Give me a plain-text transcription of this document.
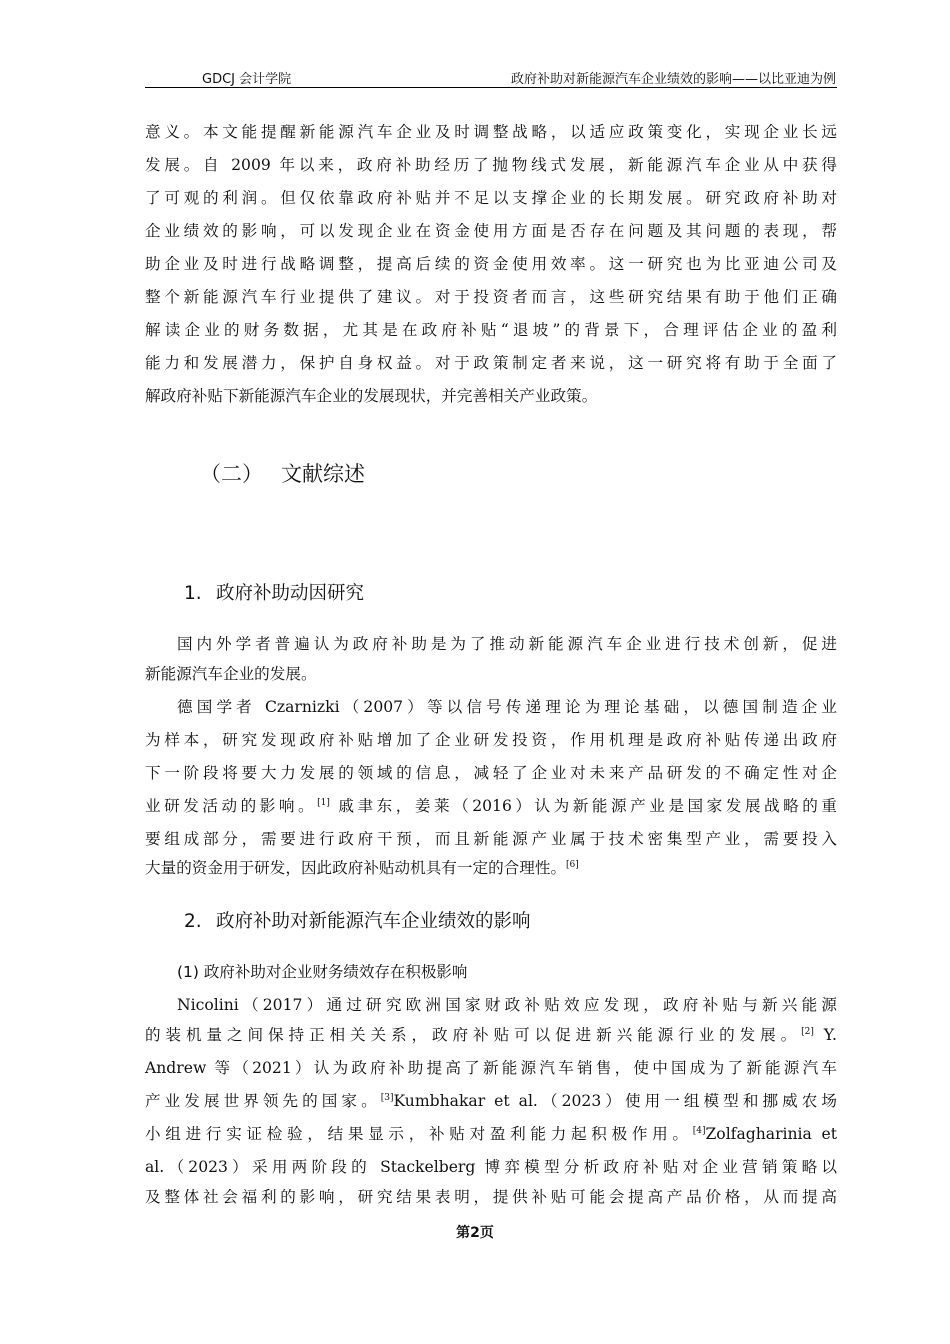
GDCJ 会计学院	政府补助对新能源汽车企业绩效的影响——以比亚迪为例
意义。本文能提醒新能源汽车企业及时调整战略，以适应政策变化，实现企业长远
发展。自 2009 年以来，政府补助经历了抛物线式发展，新能源汽车企业从中获得
了可观的利润。但仅依靠政府补贴并不足以支撑企业的长期发展。研究政府补助对
企业绩效的影响，可以发现企业在资金使用方面是否存在问题及其问题的表现，帮
助企业及时进行战略调整，提高后续的资金使用效率。这一研究也为比亚迪公司及
整个新能源汽车行业提供了建议。对于投资者而言，这些研究结果有助于他们正确
解读企业的财务数据，尤其是在政府补贴“退坡”的背景下，合理评估企业的盈利
能力和发展潜力，保护自身权益。对于政策制定者来说，这一研究将有助于全面了
解政府补贴下新能源汽车企业的发展现状，并完善相关产业政策。
（二） 文献综述
1. 政府补助动因研究
国内外学者普遍认为政府补助是为了推动新能源汽车企业进行技术创新，促进
新能源汽车企业的发展。
德国学者 Czarnizki（2007）等以信号传递理论为理论基础，以德国制造企业
为样本，研究发现政府补贴增加了企业研发投资，作用机理是政府补贴传递出政府
下一阶段将要大力发展的领域的信息，减轻了企业对未来产品研发的不确定性对企
业研发活动的影响。[1] 戚聿东，姜莱（2016）认为新能源产业是国家发展战略的重
要组成部分，需要进行政府干预，而且新能源产业属于技术密集型产业，需要投入
大量的资金用于研发，因此政府补贴动机具有一定的合理性。[6]
2. 政府补助对新能源汽车企业绩效的影响
(1) 政府补助对企业财务绩效存在积极影响
Nicolini（2017）通过研究欧洲国家财政补贴效应发现，政府补贴与新兴能源
的装机量之间保持正相关关系，政府补贴可以促进新兴能源行业的发展。[2] Y.
Andrew 等（2021）认为政府补助提高了新能源汽车销售，使中国成为了新能源汽车
产业发展世界领先的国家。[3]Kumbhakar et al.（2023）使用一组模型和挪威农场
小组进行实证检验，结果显示，补贴对盈利能力起积极作用。[4]Zolfagharinia et
al.（2023）采用两阶段的 Stackelberg 博弈模型分析政府补贴对企业营销策略以
及整体社会福利的影响，研究结果表明，提供补贴可能会提高产品价格，从而提高
第2页
